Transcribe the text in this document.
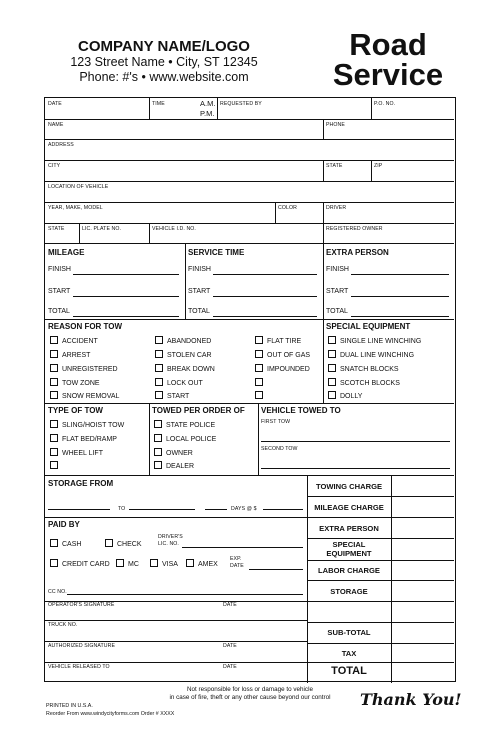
COMPANY NAME/LOGO
123 Street Name • City, ST 12345
Phone: #'s • www.website.com
Road
Service
DATE	TIME	A.M.
P.M.
REQUESTED BY	P.O. NO.
NAME	PHONE
ADDRESS
CITY	STATE	ZIP
LOCATION OF VEHICLE
YEAR, MAKE, MODEL	COLOR	DRIVER
STATE	LIC. PLATE NO.	VEHICLE I.D. NO.	REGISTERED OWNER
MILEAGE
FINISH
START
TOTAL
SERVICE TIME
FINISH
START
TOTAL
EXTRA PERSON
FINISH
START
TOTAL
REASON FOR TOW
ACCIDENT
ARREST
UNREGISTERED
TOW ZONE
SNOW REMOVAL
ABANDONED
STOLEN CAR
BREAK DOWN
LOCK OUT
START
FLAT TIRE
OUT OF GAS
IMPOUNDED
SPECIAL EQUIPMENT
SINGLE LINE WINCHING
DUAL LINE WINCHING
SNATCH BLOCKS
SCOTCH BLOCKS
DOLLY
TYPE OF TOW
SLING/HOIST TOW
FLAT BED/RAMP
WHEEL LIFT
TOWED PER ORDER OF
STATE POLICE
LOCAL POLICE
OWNER
DEALER
VEHICLE TOWED TO
FIRST TOW
SECOND TOW
TOWING CHARGE
MILEAGE CHARGE
EXTRA PERSON
SPECIAL
EQUIPMENT
LABOR CHARGE
STORAGE
SUB-TOTAL
TAX
TOTAL
STORAGE FROM
TO	DAYS @ $
PAID BY
CASH	CHECK
DRIVER'S
LIC. NO.
CREDIT CARD	MC	VISA	AMEX
EXP.
DATE
CC NO.
OPERATOR'S SIGNATURE	DATE
TRUCK NO.
AUTHORIZED SIGNATURE	DATE
VEHICLE RELEASED TO	DATE
Not responsible for loss or damage to vehicle
in case of fire, theft or any other cause beyond our control
PRINTED IN U.S.A.
Reorder From www.windycityforms.com Order # XXXX
Thank You!
